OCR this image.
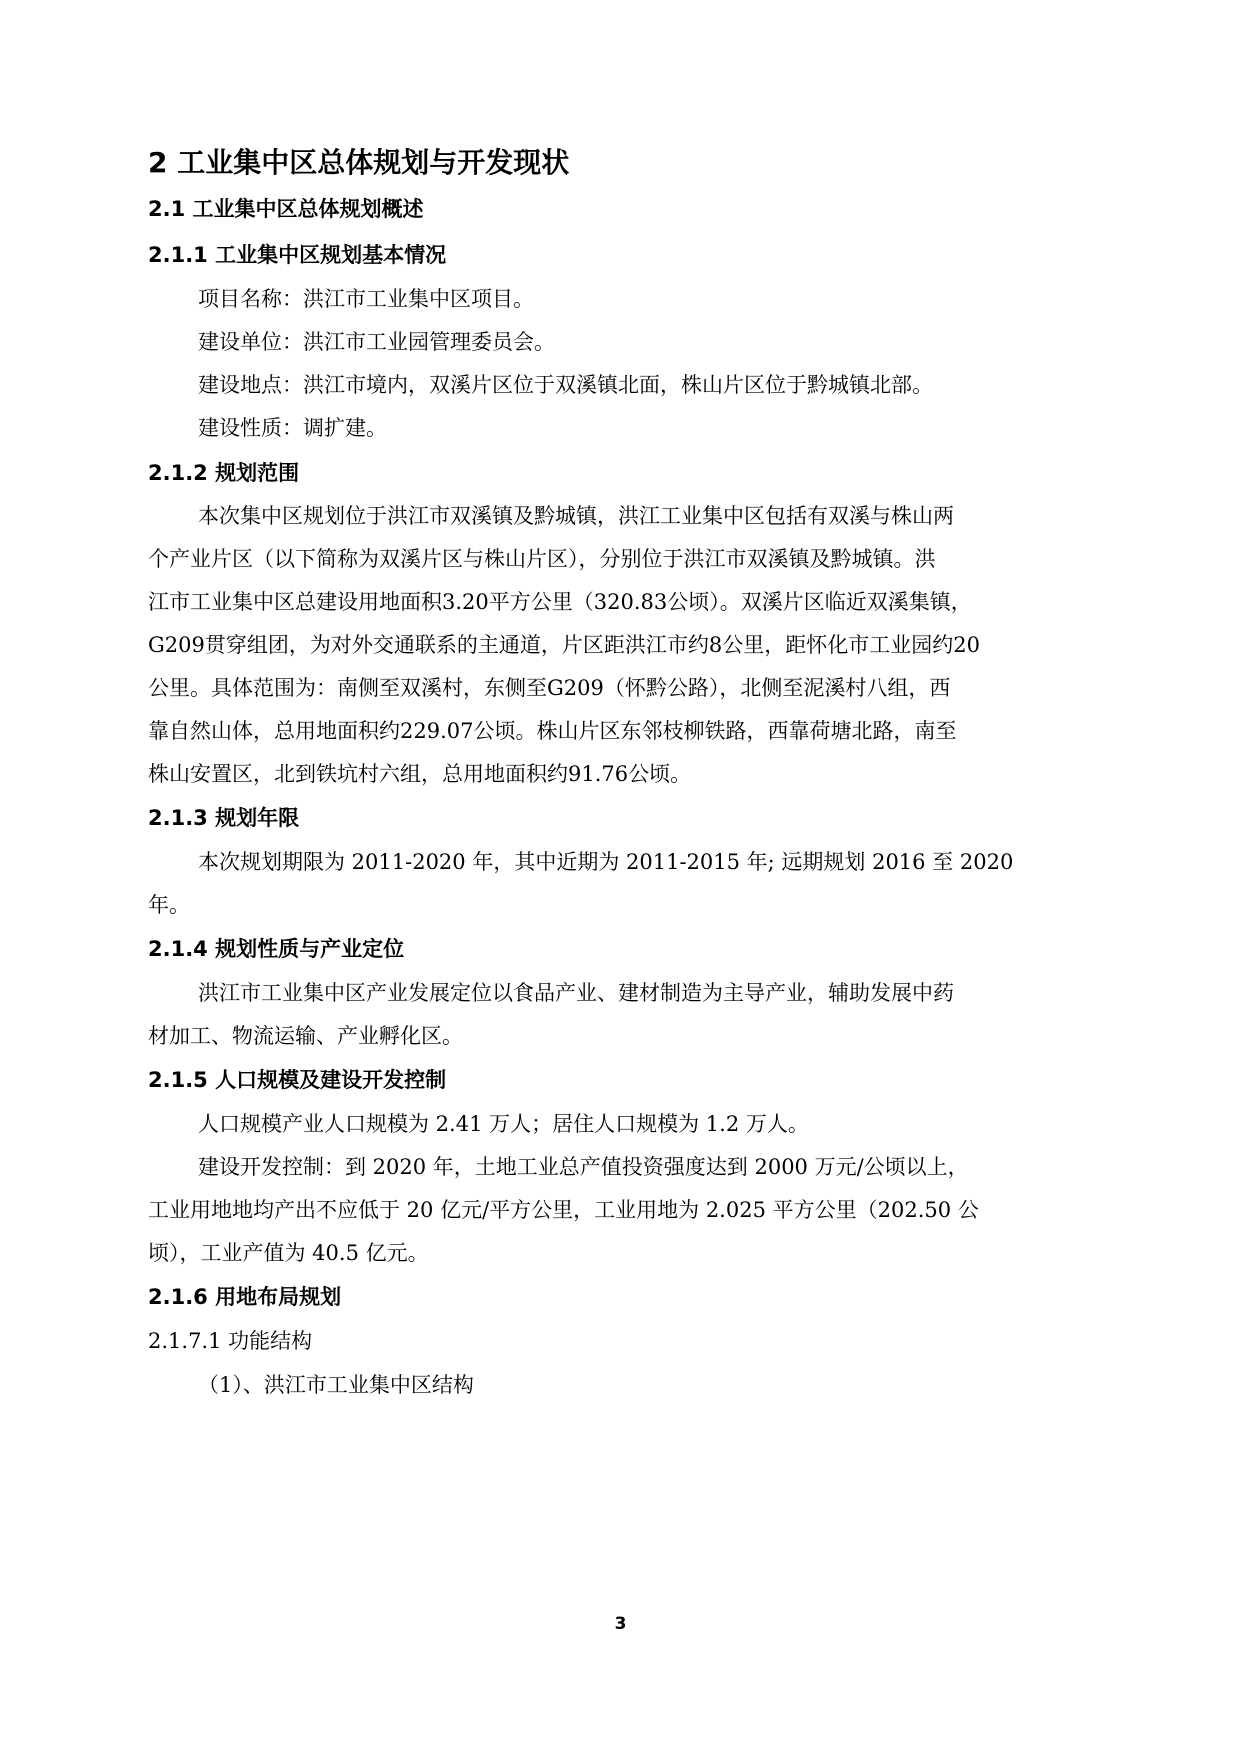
2 工业集中区总体规划与开发现状
2.1 工业集中区总体规划概述
2.1.1 工业集中区规划基本情况
项目名称：洪江市工业集中区项目。
建设单位：洪江市工业园管理委员会。
建设地点：洪江市境内，双溪片区位于双溪镇北面，株山片区位于黔城镇北部。
建设性质：调扩建。
2.1.2 规划范围
本次集中区规划位于洪江市双溪镇及黔城镇，洪江工业集中区包括有双溪与株山两
个产业片区（以下简称为双溪片区与株山片区），分别位于洪江市双溪镇及黔城镇。洪
江市工业集中区总建设用地面积3.20平方公里（320.83公顷）。双溪片区临近双溪集镇，
G209贯穿组团，为对外交通联系的主通道，片区距洪江市约8公里，距怀化市工业园约20
公里。具体范围为：南侧至双溪村，东侧至G209（怀黔公路），北侧至泥溪村八组，西
靠自然山体，总用地面积约229.07公顷。株山片区东邻枝柳铁路，西靠荷塘北路，南至
株山安置区，北到铁坑村六组，总用地面积约91.76公顷。
2.1.3 规划年限
本次规划期限为 2011-2020 年，其中近期为 2011-2015 年; 远期规划 2016 至 2020
年。
2.1.4 规划性质与产业定位
洪江市工业集中区产业发展定位以食品产业、建材制造为主导产业，辅助发展中药
材加工、物流运输、产业孵化区。
2.1.5 人口规模及建设开发控制
人口规模产业人口规模为 2.41 万人；居住人口规模为 1.2 万人。
建设开发控制：到 2020 年，土地工业总产值投资强度达到 2000 万元/公顷以上，
工业用地地均产出不应低于 20 亿元/平方公里，工业用地为 2.025 平方公里（202.50 公
顷），工业产值为 40.5 亿元。
2.1.6 用地布局规划
2.1.7.1 功能结构
（1）、洪江市工业集中区结构
3
